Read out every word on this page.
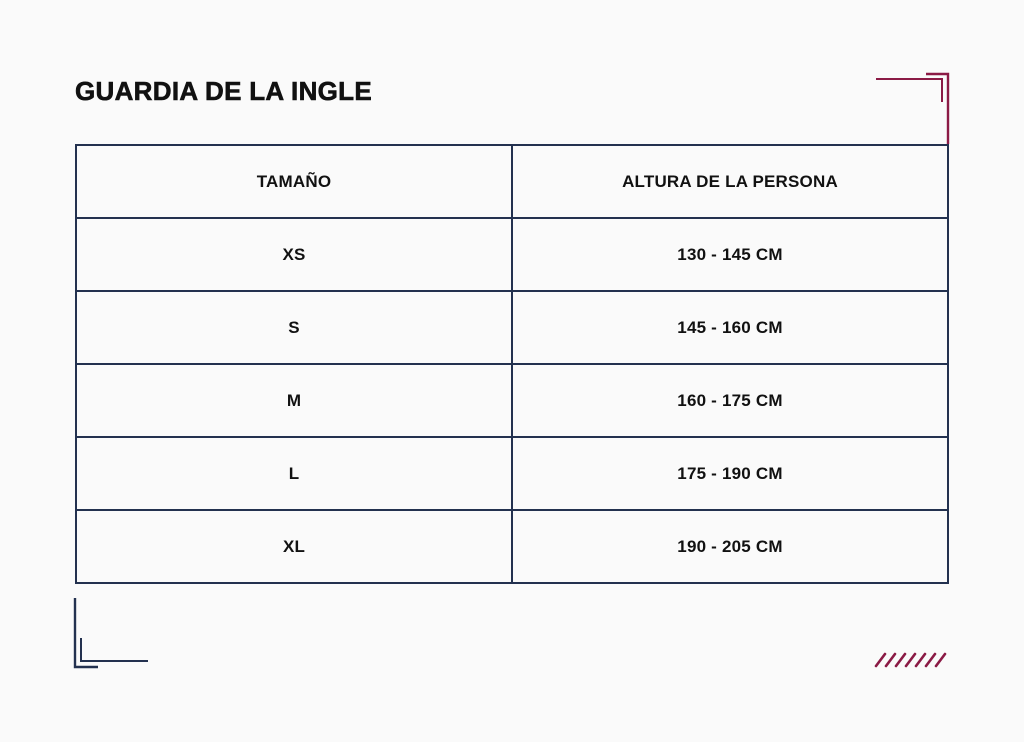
GUARDIA DE LA INGLE
TAMAÑO	ALTURA DE LA PERSONA
XS	130 - 145 CM
S	145 - 160 CM
M	160 - 175 CM
L	175 - 190 CM
XL	190 - 205 CM
